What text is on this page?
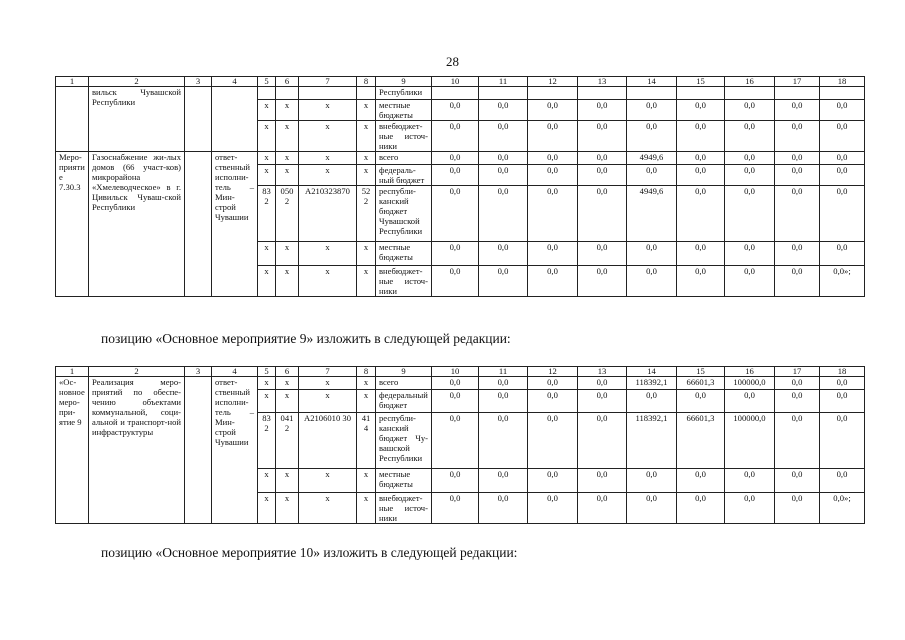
28
1	2	3	4	5	6	7	8	9	10	11	12	13	14	15	16	17	18
	вильск Чувашской Республики							Республики									
				x	x	x	x	местные бюджеты	0,0	0,0	0,0	0,0	0,0	0,0	0,0	0,0	0,0
				x	x	x	x	внебюджет-ные источ-ники	0,0	0,0	0,0	0,0	0,0	0,0	0,0	0,0	0,0
Меро-приятие 7.30.3	Газоснабжение жи-лых домов (66 участ-ков) микрорайона «Хмелеводческое» в г. Цивильск Чуваш-ской Республики		ответ-ственный исполни-тель – Мин-строй Чувашии	x	x	x	x	всего	0,0	0,0	0,0	0,0	4949,6	0,0	0,0	0,0	0,0
				x	x	x	x	федераль-ный бюджет	0,0	0,0	0,0	0,0	0,0	0,0	0,0	0,0	0,0
				832	0502	A210323870	522	республи-канский бюджет Чувашской Республики	0,0	0,0	0,0	0,0	4949,6	0,0	0,0	0,0	0,0
				x	x	x	x	местные бюджеты	0,0	0,0	0,0	0,0	0,0	0,0	0,0	0,0	0,0
				x	x	x	x	внебюджет-ные источ-ники	0,0	0,0	0,0	0,0	0,0	0,0	0,0	0,0	0,0»;
позицию «Основное мероприятие 9» изложить в следующей редакции:
1	2	3	4	5	6	7	8	9	10	11	12	13	14	15	16	17	18
«Ос-новное меро-при-ятие 9	Реализация меро-приятий по обеспе-чению объектами коммунальной, соци-альной и транспорт-ной инфраструктуры		ответ-ственный исполни-тель – Мин-строй Чувашии	x	x	x	x	всего	0,0	0,0	0,0	0,0	118392,1	66601,3	100000,0	0,0	0,0
				x	x	x	x	федеральный бюджет	0,0	0,0	0,0	0,0	0,0	0,0	0,0	0,0	0,0
				832	0412	A2106010 30	414	республи-канский бюджет Чу-вашской Республики	0,0	0,0	0,0	0,0	118392,1	66601,3	100000,0	0,0	0,0
				x	x	x	x	местные бюджеты	0,0	0,0	0,0	0,0	0,0	0,0	0,0	0,0	0,0
				x	x	x	x	внебюджет-ные источ-ники	0,0	0,0	0,0	0,0	0,0	0,0	0,0	0,0	0,0»;
позицию «Основное мероприятие 10» изложить в следующей редакции:
